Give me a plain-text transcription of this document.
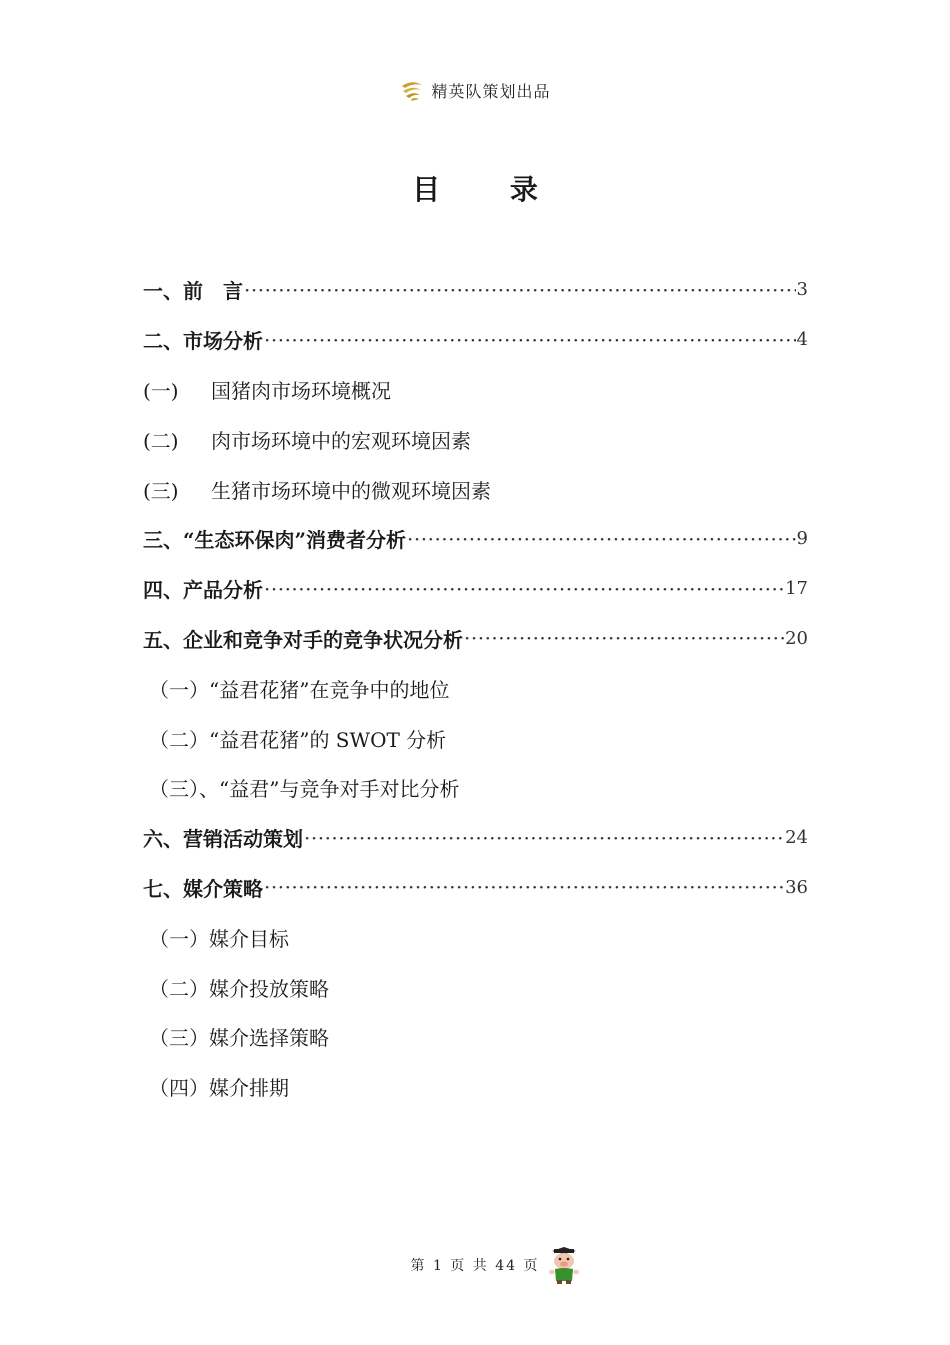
精英队策划出品
目 录
一、前　言 ·····	3
二、市场分析 ·····	4
(一)	国猪肉市场环境概况
(二)	肉市场环境中的宏观环境因素
(三)	生猪市场环境中的微观环境因素
三、“生态环保肉”消费者分析 ·····	9
四、产品分析 ·····	17
五、企业和竞争对手的竞争状况分析 ·····	20
（一）“益君花猪”在竞争中的地位
（二）“益君花猪”的 SWOT 分析
（三）、“益君”与竞争对手对比分析
六、营销活动策划 ·····	24
七、媒介策略 ·····	36
（一）媒介目标
（二）媒介投放策略
（三）媒介选择策略
（四）媒介排期
第 1 页 共 44 页
